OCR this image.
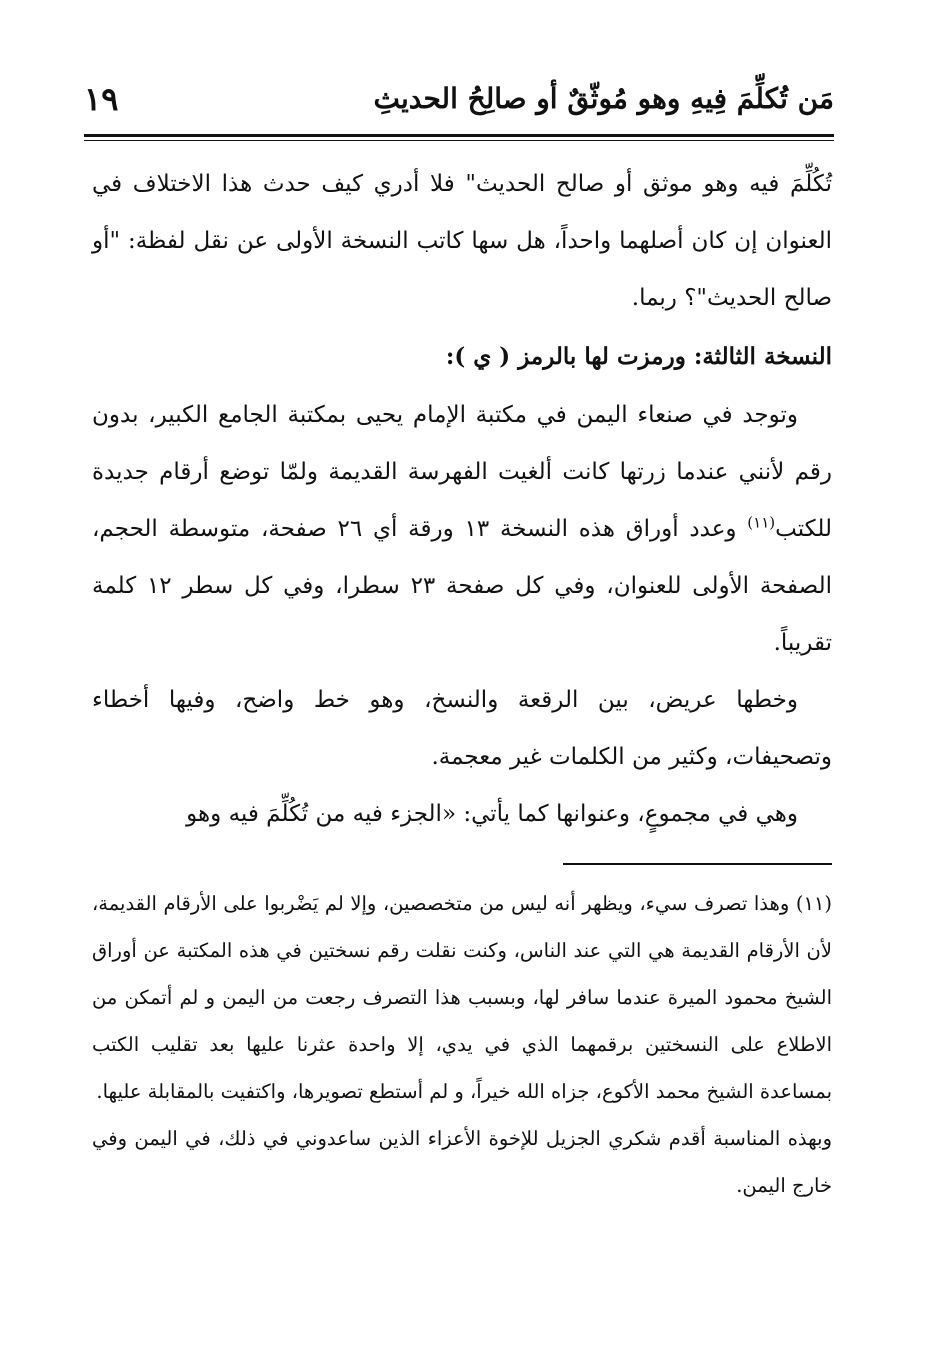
١٩	مَن تُكلِّمَ فِيهِ وهو مُوثّقٌ أو صالِحُ الحديثِ

تُكُلِّمَ فيه وهو موثق أو صالح الحديث" فلا أدري كيف حدث هذا الاختلاف في العنوان إن كان أصلهما واحداً، هل سها كاتب النسخة الأولى عن نقل لفظة: "أو صالح الحديث"؟ ربما.

النسخة الثالثة: ورمزت لها بالرمز ( ي ):

وتوجد في صنعاء اليمن في مكتبة الإمام يحيى بمكتبة الجامع الكبير، بدون رقم لأنني عندما زرتها كانت ألغيت الفهرسة القديمة ولمّا توضع أرقام جديدة للكتب$^{(١١)}$ وعدد أوراق هذه النسخة ١٣ ورقة أي ٢٦ صفحة، متوسطة الحجم، الصفحة الأولى للعنوان، وفي كل صفحة ٢٣ سطرا، وفي كل سطر ١٢ كلمة تقريباً.

وخطها عريض، بين الرقعة والنسخ، وهو خط واضح، وفيها أخطاء وتصحيفات، وكثير من الكلمات غير معجمة.

وهي في مجموعٍ، وعنوانها كما يأتي: «الجزء فيه من تُكُلِّمَ فيه وهو

(١١) وهذا تصرف سيء، ويظهر أنه ليس من متخصصين، وإلا لم يَضْربوا على الأرقام القديمة، لأن الأرقام القديمة هي التي عند الناس، وكنت نقلت رقم نسختين في هذه المكتبة عن أوراق الشيخ محمود الميرة عندما سافر لها، وبسبب هذا التصرف رجعت من اليمن و لم أتمكن من الاطلاع على النسختين برقمهما الذي في يدي، إلا واحدة عثرنا عليها بعد تقليب الكتب بمساعدة الشيخ محمد الأكوع، جزاه الله خيراً، و لم أستطع تصويرها، واكتفيت بالمقابلة عليها.

وبهذه المناسبة أقدم شكري الجزيل للإخوة الأعزاء الذين ساعدوني في ذلك، في اليمن وفي خارج اليمن.
